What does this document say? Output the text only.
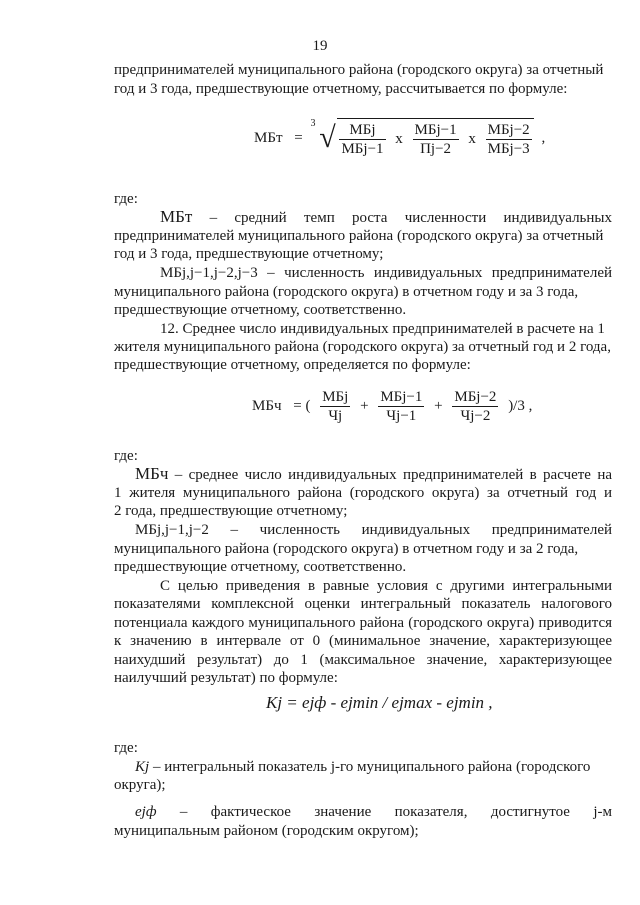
19
предпринимателей муниципального района (городского округа) за отчетный
год и 3 года, предшествующие отчетному, рассчитывается по формуле:
МБт = $^3$ √ $\frac{\text{МБj}}{\text{МБj−1}}$ x $\frac{\text{МБj−1}}{Пj-2}$ x $\frac{\text{МБj−2}}{\text{МБj−3}}$ ,
где:
МБт – средний темп роста численности индивидуальных
предпринимателей муниципального района (городского округа) за отчетный
год и 3 года, предшествующие отчетному;
МБj,j−1,j−2,j−3 – численность индивидуальных предпринимателей
муниципального района (городского округа) в отчетном году и за 3 года,
предшествующие отчетному, соответственно.
12. Среднее число индивидуальных предпринимателей в расчете на 1
жителя муниципального района (городского округа) за отчетный год и 2 года,
предшествующие отчетному, определяется по формуле:
МБч = ( $\frac{\text{МБj}}{Чj} + \frac{\text{МБj−1}}{Чj-1} + \frac{\text{МБj−2}}{Чj-2} )/3$ ,
где:
МБч – среднее число индивидуальных предпринимателей в расчете на
1 жителя муниципального района (городского округа) за отчетный год и
2 года, предшествующие отчетному;
МБj,j−1,j−2 – численность индивидуальных предпринимателей
муниципального района (городского округа) в отчетном году и за 2 года,
предшествующие отчетному, соответственно.
С целью приведения в равные условия с другими интегральными
показателями комплексной оценки интегральный показатель налогового
потенциала каждого муниципального района (городского округа) приводится
к значению в интервале от 0 (минимальное значение, характеризующее
наихудший результат) до 1 (максимальное значение, характеризующее
наилучший результат) по формуле:
Kj = ejф - ejmin / ejmax - ejmin ,
где:
Kj – интегральный показатель j-го муниципального района (городского
округа);
ejф – фактическое значение показателя, достигнутое j-м
муниципальным районом (городским округом);
